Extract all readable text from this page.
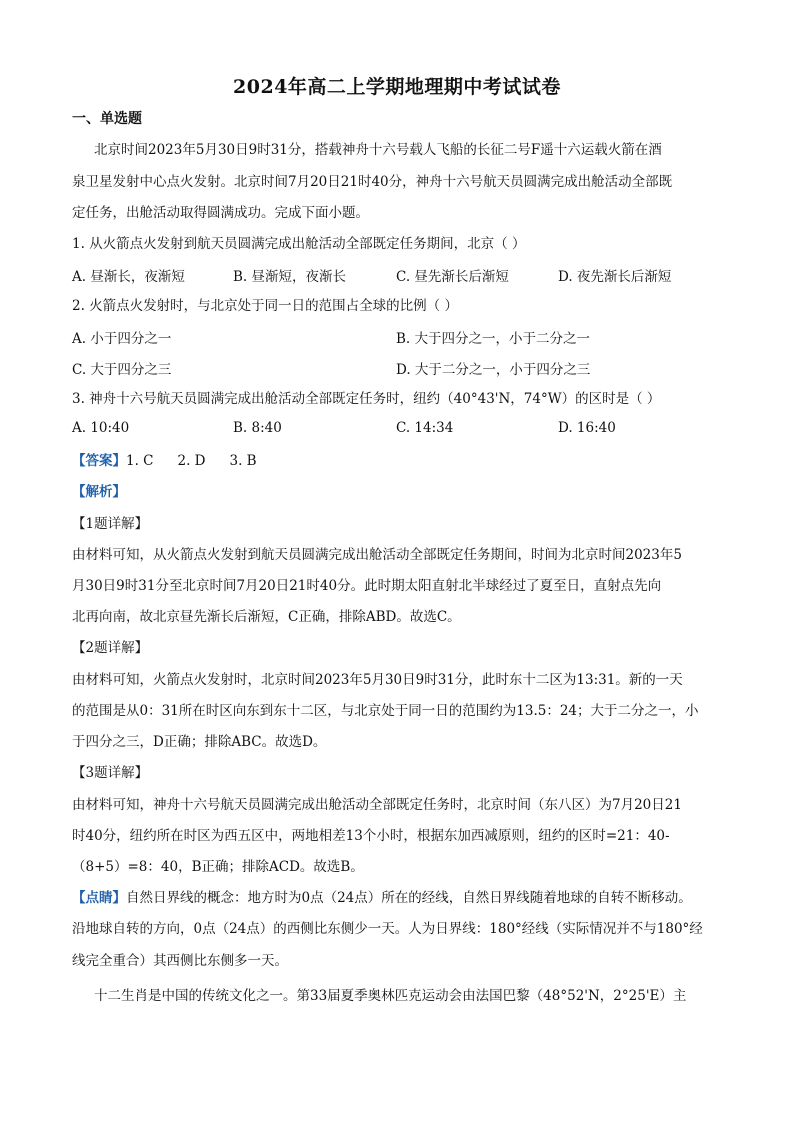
2024年高二上学期地理期中考试试卷
一、单选题
北京时间2023年5月30日9时31分，搭载神舟十六号载人飞船的长征二号F遥十六运载火箭在酒
泉卫星发射中心点火发射。北京时间7月20日21时40分，神舟十六号航天员圆满完成出舱活动全部既
定任务，出舱活动取得圆满成功。完成下面小题。
1. 从火箭点火发射到航天员圆满完成出舱活动全部既定任务期间，北京（ ）
A. 昼渐长，夜渐短	B. 昼渐短，夜渐长	C. 昼先渐长后渐短	D. 夜先渐长后渐短
2. 火箭点火发射时，与北京处于同一日的范围占全球的比例（ ）
A. 小于四分之一	B. 大于四分之一，小于二分之一
C. 大于四分之三	D. 大于二分之一，小于四分之三
3. 神舟十六号航天员圆满完成出舱活动全部既定任务时，纽约（40°43'N，74°W）的区时是（ ）
A. 10:40	B. 8:40	C. 14:34	D. 16:40
【答案】1. C 2. D 3. B
【解析】
【1题详解】
由材料可知，从火箭点火发射到航天员圆满完成出舱活动全部既定任务期间，时间为北京时间2023年5
月30日9时31分至北京时间7月20日21时40分。此时期太阳直射北半球经过了夏至日，直射点先向
北再向南，故北京昼先渐长后渐短，C正确，排除ABD。故选C。
【2题详解】
由材料可知，火箭点火发射时，北京时间2023年5月30日9时31分，此时东十二区为13:31。新的一天
的范围是从0：31所在时区向东到东十二区，与北京处于同一日的范围约为13.5：24；大于二分之一，小
于四分之三，D正确；排除ABC。故选D。
【3题详解】
由材料可知，神舟十六号航天员圆满完成出舱活动全部既定任务时，北京时间（东八区）为7月20日21
时40分，纽约所在时区为西五区中，两地相差13个小时，根据东加西减原则，纽约的区时=21：40-
（8+5）=8：40，B正确；排除ACD。故选B。
【点睛】自然日界线的概念：地方时为0点（24点）所在的经线，自然日界线随着地球的自转不断移动。
沿地球自转的方向，0点（24点）的西侧比东侧少一天。人为日界线：180°经线（实际情况并不与180°经
线完全重合）其西侧比东侧多一天。
十二生肖是中国的传统文化之一。第33届夏季奥林匹克运动会由法国巴黎（48°52'N，2°25'E）主
